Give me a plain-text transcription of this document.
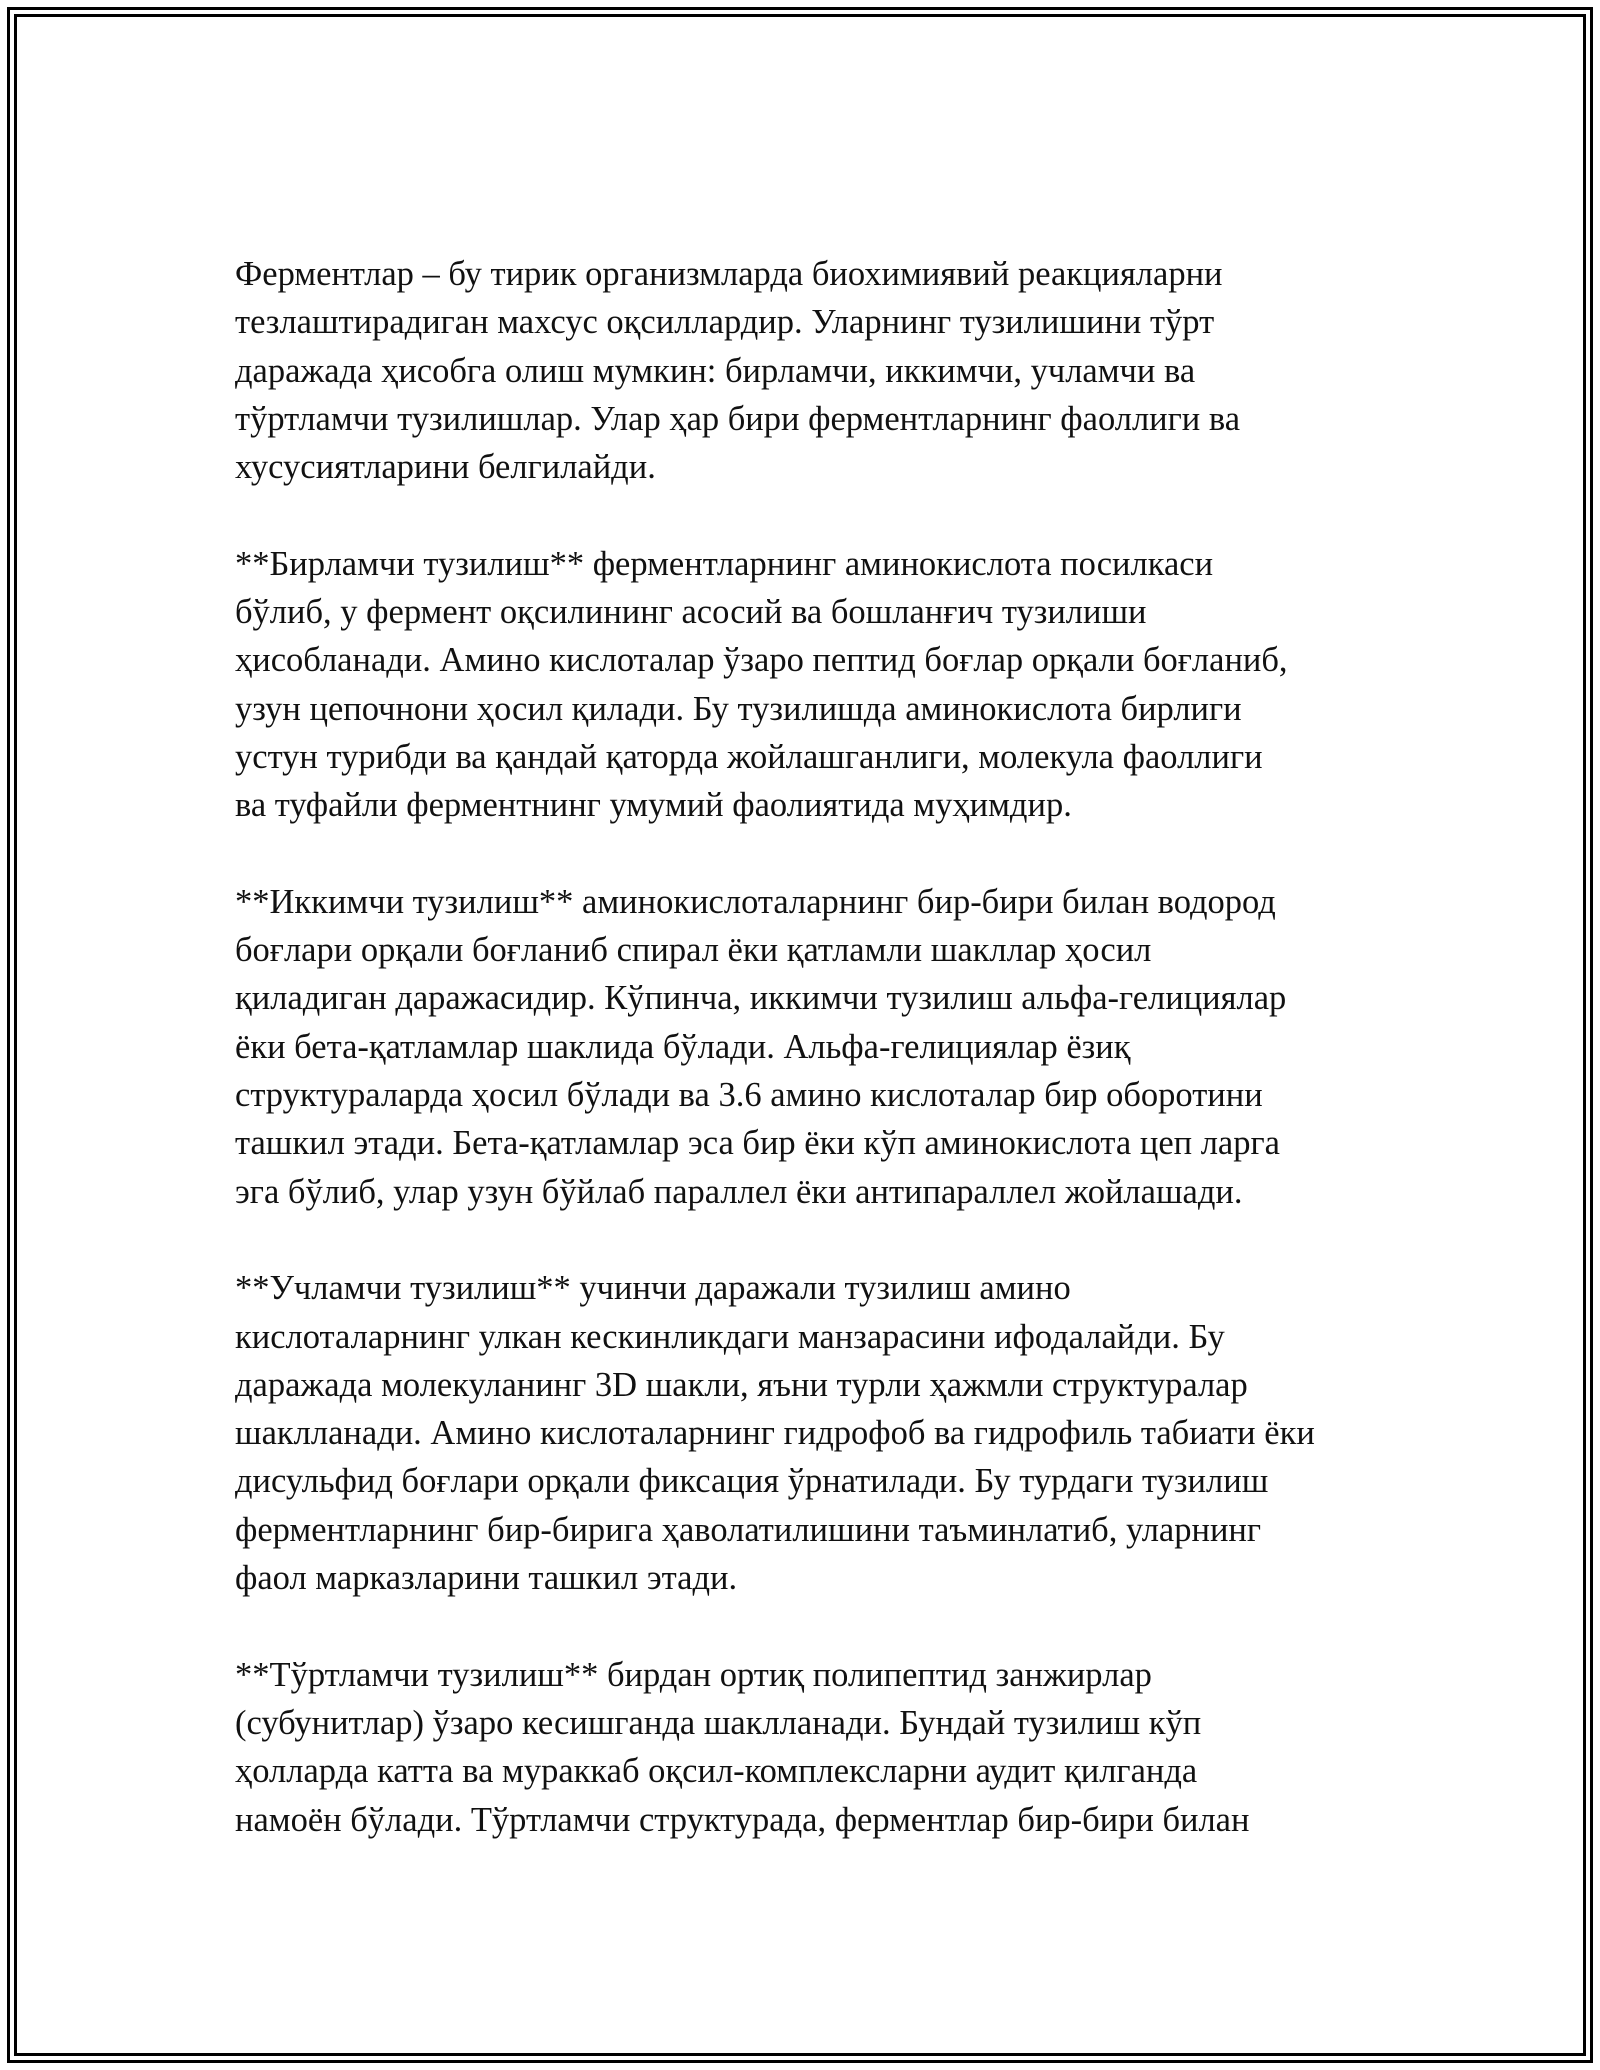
Ферментлар – бу тирик организмларда биохимиявий реакцияларни
тезлаштирадиган махсус оқсиллардир. Уларнинг тузилишини тўрт
даражада ҳисобга олиш мумкин: бирламчи, иккимчи, учламчи ва
тўртламчи тузилишлар. Улар ҳар бири ферментларнинг фаоллиги ва
хусусиятларини белгилайди.

**Бирламчи тузилиш** ферментларнинг аминокислота посилкаси
бўлиб, у фермент оқсилининг асосий ва бошланғич тузилиши
ҳисобланади. Амино кислоталар ўзаро пептид боғлар орқали боғланиб,
узун цепочнони ҳосил қилади. Бу тузилишда аминокислота бирлиги
устун турибди ва қандай қаторда жойлашганлиги, молекула фаоллиги
ва туфайли ферментнинг умумий фаолиятида муҳимдир.

**Иккимчи тузилиш** аминокислоталарнинг бир-бири билан водород
боғлари орқали боғланиб спирал ёки қатламли шакллар ҳосил
қиладиган даражасидир. Кўпинча, иккимчи тузилиш альфа-гелициялар
ёки бета-қатламлар шаклида бўлади. Альфа-гелициялар ёзиқ
структураларда ҳосил бўлади ва 3.6 амино кислоталар бир оборотини
ташкил этади. Бета-қатламлар эса бир ёки кўп аминокислота цеп ларга
эга бўлиб, улар узун бўйлаб параллел ёки антипараллел жойлашади.

**Учламчи тузилиш** учинчи даражали тузилиш амино
кислоталарнинг улкан кескинликдаги манзарасини ифодалайди. Бу
даражада молекуланинг 3D шакли, яъни турли ҳажмли структуралар
шаклланади. Амино кислоталарнинг гидрофоб ва гидрофиль табиати ёки
дисульфид боғлари орқали фиксация ўрнатилади. Бу турдаги тузилиш
ферментларнинг бир-бирига ҳаволатилишини таъминлатиб, уларнинг
фаол марказларини ташкил этади.

**Тўртламчи тузилиш** бирдан ортиқ полипептид занжирлар
(субунитлар) ўзаро кесишганда шаклланади. Бундай тузилиш кўп
ҳолларда катта ва мураккаб оқсил-комплексларни аудит қилганда
намоён бўлади. Тўртламчи структурада, ферментлар бир-бири билан
